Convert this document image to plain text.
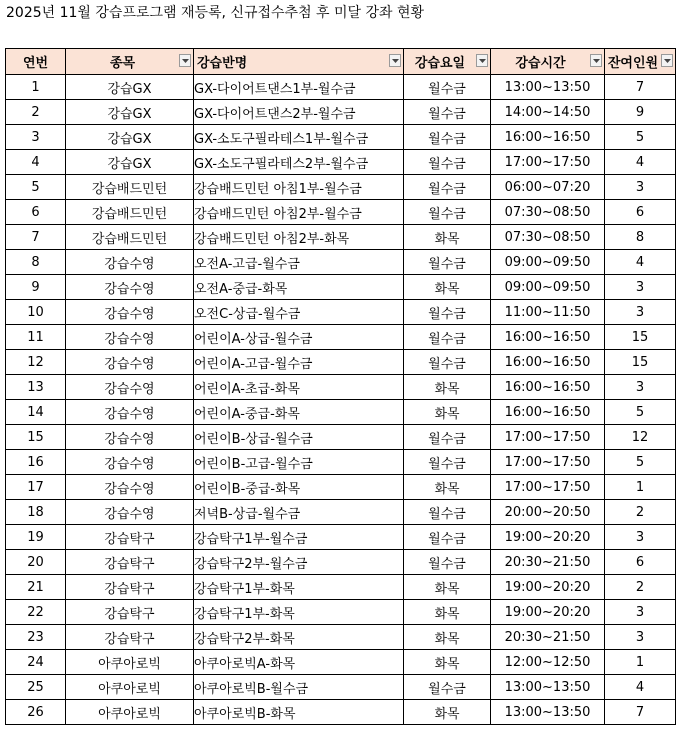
2025년 11월 강습프로그램 재등록, 신규접수추첨 후 미달 강좌 현황
연번	종목	강습반명	강습요일	강습시간	잔여인원

1	강습GX	GX-다이어트댄스1부-월수금	월수금	13:00~13:50	7
2	강습GX	GX-다이어트댄스2부-월수금	월수금	14:00~14:50	9
3	강습GX	GX-소도구필라테스1부-월수금	월수금	16:00~16:50	5
4	강습GX	GX-소도구필라테스2부-월수금	월수금	17:00~17:50	4
5	강습배드민턴	강습배드민턴 아침1부-월수금	월수금	06:00~07:20	3
6	강습배드민턴	강습배드민턴 아침2부-월수금	월수금	07:30~08:50	6
7	강습배드민턴	강습배드민턴 아침2부-화목	화목	07:30~08:50	8
8	강습수영	오전A-고급-월수금	월수금	09:00~09:50	4
9	강습수영	오전A-중급-화목	화목	09:00~09:50	3
10	강습수영	오전C-상급-월수금	월수금	11:00~11:50	3
11	강습수영	어린이A-상급-월수금	월수금	16:00~16:50	15
12	강습수영	어린이A-고급-월수금	월수금	16:00~16:50	15
13	강습수영	어린이A-초급-화목	화목	16:00~16:50	3
14	강습수영	어린이A-중급-화목	화목	16:00~16:50	5
15	강습수영	어린이B-상급-월수금	월수금	17:00~17:50	12
16	강습수영	어린이B-고급-월수금	월수금	17:00~17:50	5
17	강습수영	어린이B-중급-화목	화목	17:00~17:50	1
18	강습수영	저녁B-상급-월수금	월수금	20:00~20:50	2
19	강습탁구	강습탁구1부-월수금	월수금	19:00~20:20	3
20	강습탁구	강습탁구2부-월수금	월수금	20:30~21:50	6
21	강습탁구	강습탁구1부-화목	화목	19:00~20:20	2
22	강습탁구	강습탁구1부-화목	화목	19:00~20:20	3
23	강습탁구	강습탁구2부-화목	화목	20:30~21:50	3
24	아쿠아로빅	아쿠아로빅A-화목	화목	12:00~12:50	1
25	아쿠아로빅	아쿠아로빅B-월수금	월수금	13:00~13:50	4
26	아쿠아로빅	아쿠아로빅B-화목	화목	13:00~13:50	7
